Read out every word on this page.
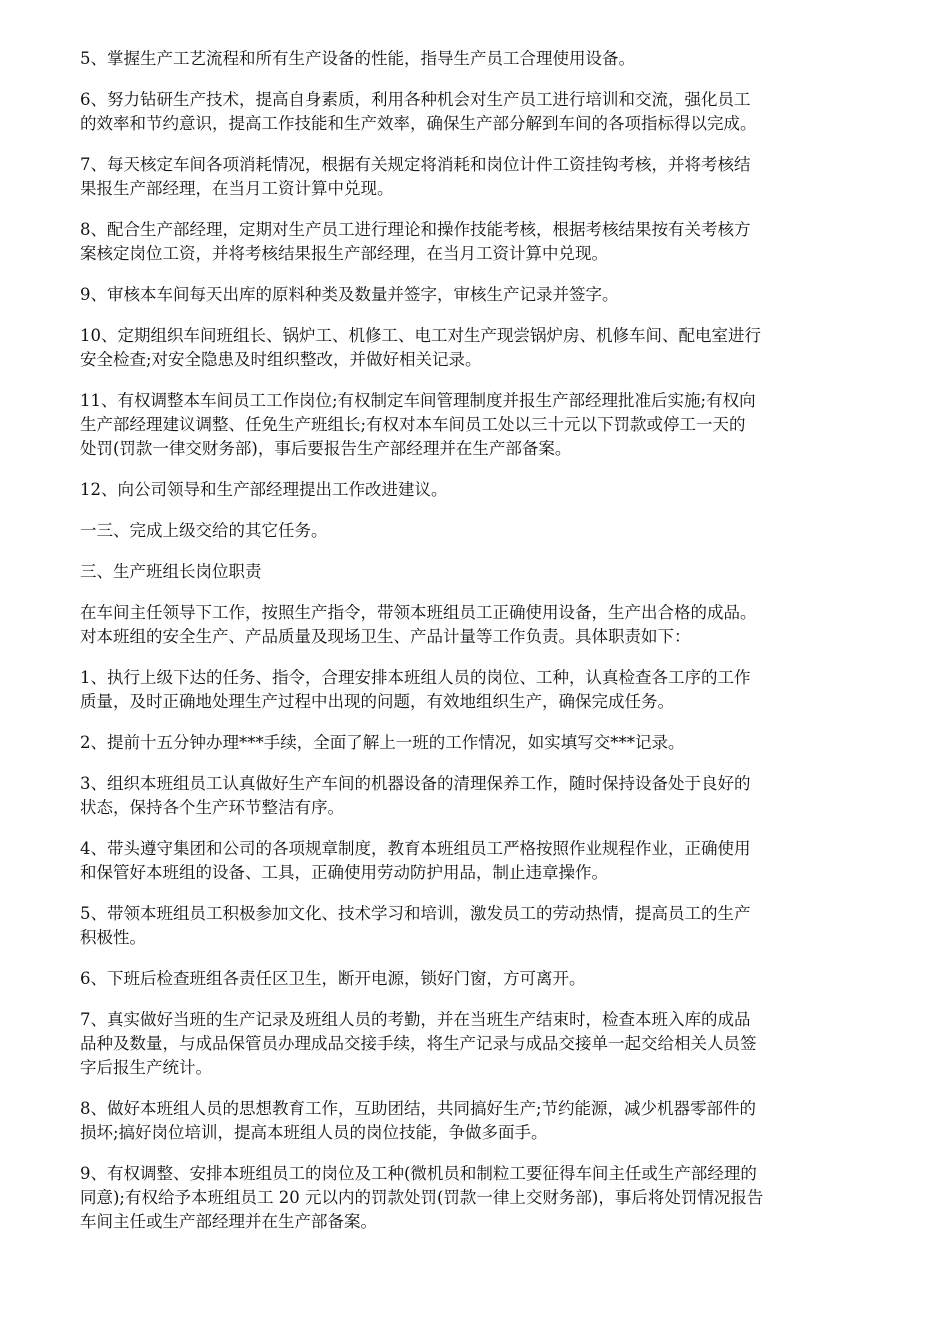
5、掌握生产工艺流程和所有生产设备的性能，指导生产员工合理使用设备。

6、努力钻研生产技术，提高自身素质，利用各种机会对生产员工进行培训和交流，强化员工
的效率和节约意识，提高工作技能和生产效率，确保生产部分解到车间的各项指标得以完成。

7、每天核定车间各项消耗情况，根据有关规定将消耗和岗位计件工资挂钩考核，并将考核结
果报生产部经理，在当月工资计算中兑现。

8、配合生产部经理，定期对生产员工进行理论和操作技能考核，根据考核结果按有关考核方
案核定岗位工资，并将考核结果报生产部经理，在当月工资计算中兑现。

9、审核本车间每天出库的原料种类及数量并签字，审核生产记录并签字。

10、定期组织车间班组长、锅炉工、机修工、电工对生产现尝锅炉房、机修车间、配电室进行
安全检查;对安全隐患及时组织整改，并做好相关记录。

11、有权调整本车间员工工作岗位;有权制定车间管理制度并报生产部经理批准后实施;有权向
生产部经理建议调整、任免生产班组长;有权对本车间员工处以三十元以下罚款或停工一天的
处罚(罚款一律交财务部)，事后要报告生产部经理并在生产部备案。

12、向公司领导和生产部经理提出工作改进建议。

一三、完成上级交给的其它任务。

三、生产班组长岗位职责

在车间主任领导下工作，按照生产指令，带领本班组员工正确使用设备，生产出合格的成品。
对本班组的安全生产、产品质量及现场卫生、产品计量等工作负责。具体职责如下：

1、执行上级下达的任务、指令，合理安排本班组人员的岗位、工种，认真检查各工序的工作
质量，及时正确地处理生产过程中出现的问题，有效地组织生产，确保完成任务。

2、提前十五分钟办理***手续，全面了解上一班的工作情况，如实填写交***记录。

3、组织本班组员工认真做好生产车间的机器设备的清理保养工作，随时保持设备处于良好的
状态，保持各个生产环节整洁有序。

4、带头遵守集团和公司的各项规章制度，教育本班组员工严格按照作业规程作业，正确使用
和保管好本班组的设备、工具，正确使用劳动防护用品，制止违章操作。

5、带领本班组员工积极参加文化、技术学习和培训，激发员工的劳动热情，提高员工的生产
积极性。

6、下班后检查班组各责任区卫生，断开电源，锁好门窗，方可离开。

7、真实做好当班的生产记录及班组人员的考勤，并在当班生产结束时，检查本班入库的成品
品种及数量，与成品保管员办理成品交接手续，将生产记录与成品交接单一起交给相关人员签
字后报生产统计。

8、做好本班组人员的思想教育工作，互助团结，共同搞好生产;节约能源，减少机器零部件的
损坏;搞好岗位培训，提高本班组人员的岗位技能，争做多面手。

9、有权调整、安排本班组员工的岗位及工种(微机员和制粒工要征得车间主任或生产部经理的
同意);有权给予本班组员工 20 元以内的罚款处罚(罚款一律上交财务部)，事后将处罚情况报告
车间主任或生产部经理并在生产部备案。
